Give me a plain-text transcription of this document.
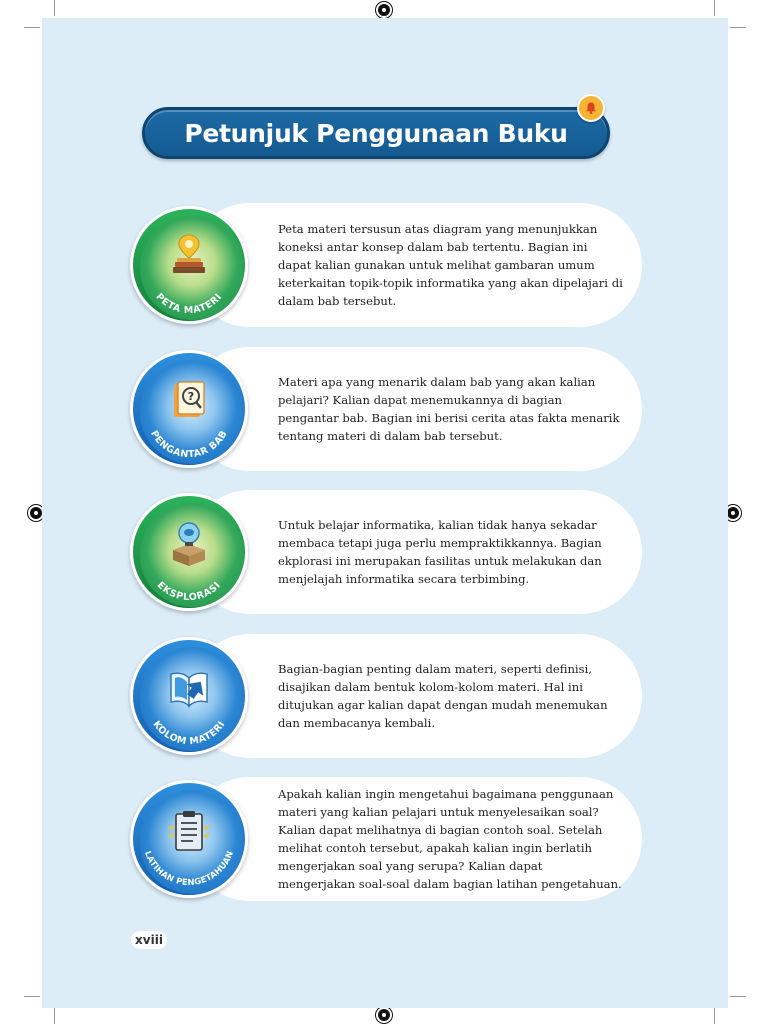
Petunjuk Penggunaan Buku

Peta materi tersusun atas diagram yang menunjukkan koneksi antar konsep dalam bab tertentu. Bagian ini dapat kalian gunakan untuk melihat gambaran umum keterkaitan topik-topik informatika yang akan dipelajari di dalam bab tersebut.

PETA MATERI

Materi apa yang menarik dalam bab yang akan kalian pelajari? Kalian dapat menemukannya di bagian pengantar bab. Bagian ini berisi cerita atas fakta menarik tentang materi di dalam bab tersebut.

?
PENGANTAR BAB

Untuk belajar informatika, kalian tidak hanya sekadar membaca tetapi juga perlu mempraktikkannya. Bagian ekplorasi ini merupakan fasilitas untuk melakukan dan menjelajah informatika secara terbimbing.

EKSPLORASI

Bagian-bagian penting dalam materi, seperti definisi, disajikan dalam bentuk kolom-kolom materi. Hal ini ditujukan agar kalian dapat dengan mudah menemukan dan membacanya kembali.

KOLOM MATERI

Apakah kalian ingin mengetahui bagaimana penggunaan materi yang kalian pelajari untuk menyelesaikan soal? Kalian dapat melihatnya di bagian contoh soal. Setelah melihat contoh tersebut, apakah kalian ingin berlatih mengerjakan soal yang serupa? Kalian dapat mengerjakan soal-soal dalam bagian latihan pengetahuan.

LATIHAN PENGETAHUAN
xviii
